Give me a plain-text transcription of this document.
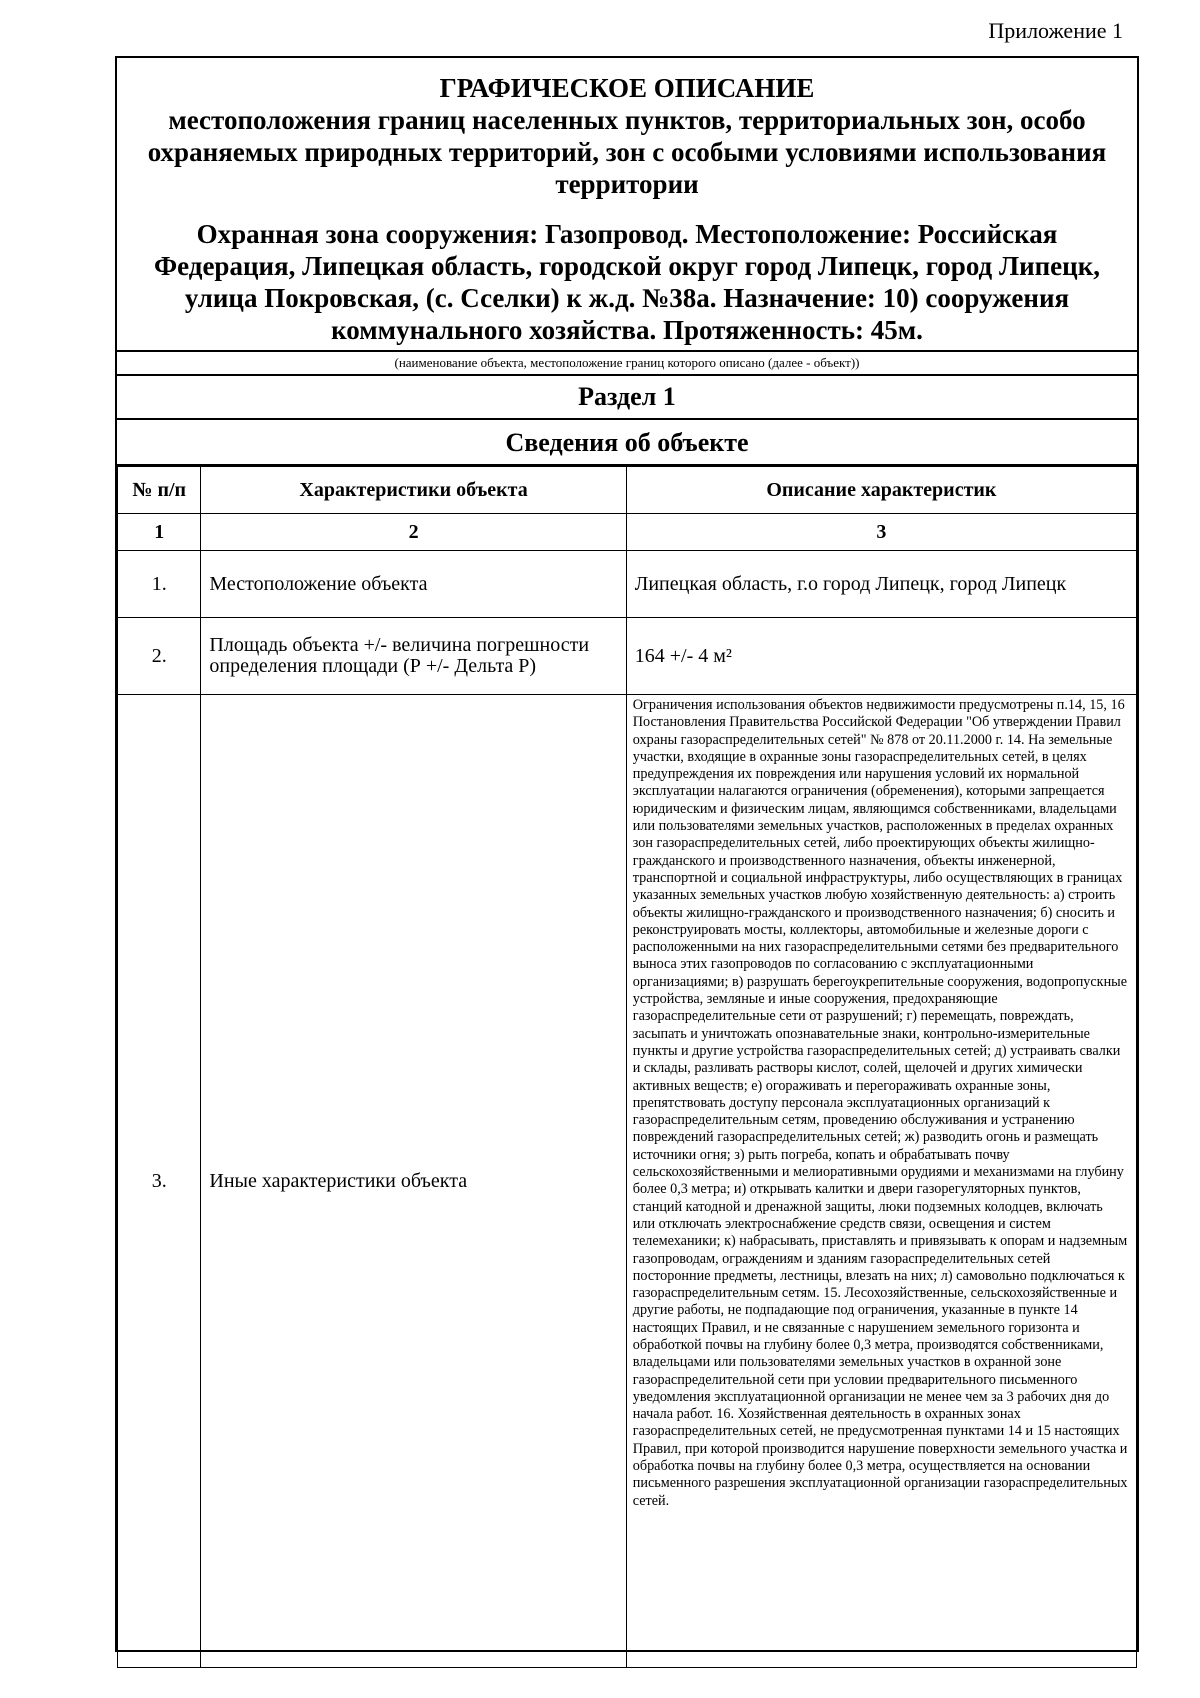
Приложение 1
ГРАФИЧЕСКОЕ ОПИСАНИЕ
местоположения границ населенных пунктов, территориальных зон, особо охраняемых природных территорий, зон с особыми условиями использования территории
Охранная зона сооружения: Газопровод. Местоположение: Российская Федерация, Липецкая область, городской округ город Липецк, город Липецк, улица Покровская, (с. Сселки) к ж.д. №38а. Назначение: 10) сооружения коммунального хозяйства. Протяженность: 45м.
(наименование объекта, местоположение границ которого описано (далее - объект))
Раздел 1
Сведения об объекте
№ п/п	Характеристики объекта	Описание характеристик
1	2	3
1.	Местоположение объекта	Липецкая область, г.о город Липецк, город Липецк
2.	Площадь объекта +/- величина погрешности определения площади (Р +/- Дельта Р)	164 +/- 4 м²
3.	Иные характеристики объекта	Ограничения использования объектов недвижимости предусмотрены п.14, 15, 16 Постановления Правительства Российской Федерации "Об утверждении Правил охраны газораспределительных сетей" № 878 от 20.11.2000 г. 14. На земельные участки, входящие в охранные зоны газораспределительных сетей, в целях предупреждения их повреждения или нарушения условий их нормальной эксплуатации налагаются ограничения (обременения), которыми запрещается юридическим и физическим лицам, являющимся собственниками, владельцами или пользователями земельных участков, расположенных в пределах охранных зон газораспределительных сетей, либо проектирующих объекты жилищно-гражданского и производственного назначения, объекты инженерной, транспортной и социальной инфраструктуры, либо осуществляющих в границах указанных земельных участков любую хозяйственную деятельность: а) строить объекты жилищно-гражданского и производственного назначения; б) сносить и реконструировать мосты, коллекторы, автомобильные и железные дороги с расположенными на них газораспределительными сетями без предварительного выноса этих газопроводов по согласованию с эксплуатационными организациями; в) разрушать берегоукрепительные сооружения, водопропускные устройства, земляные и иные сооружения, предохраняющие газораспределительные сети от разрушений; г) перемещать, повреждать, засыпать и уничтожать опознавательные знаки, контрольно-измерительные пункты и другие устройства газораспределительных сетей; д) устраивать свалки и склады, разливать растворы кислот, солей, щелочей и других химически активных веществ; е) огораживать и перегораживать охранные зоны, препятствовать доступу персонала эксплуатационных организаций к газораспределительным сетям, проведению обслуживания и устранению повреждений газораспределительных сетей; ж) разводить огонь и размещать источники огня; з) рыть погреба, копать и обрабатывать почву сельскохозяйственными и мелиоративными орудиями и механизмами на глубину более 0,3 метра; и) открывать калитки и двери газорегуляторных пунктов, станций катодной и дренажной защиты, люки подземных колодцев, включать или отключать электроснабжение средств связи, освещения и систем телемеханики; к) набрасывать, приставлять и привязывать к опорам и надземным газопроводам, ограждениям и зданиям газораспределительных сетей посторонние предметы, лестницы, влезать на них; л) самовольно подключаться к газораспределительным сетям. 15. Лесохозяйственные, сельскохозяйственные и другие работы, не подпадающие под ограничения, указанные в пункте 14 настоящих Правил, и не связанные с нарушением земельного горизонта и обработкой почвы на глубину более 0,3 метра, производятся собственниками, владельцами или пользователями земельных участков в охранной зоне газораспределительной сети при условии предварительного письменного уведомления эксплуатационной организации не менее чем за 3 рабочих дня до начала работ. 16. Хозяйственная деятельность в охранных зонах газораспределительных сетей, не предусмотренная пунктами 14 и 15 настоящих Правил, при которой производится нарушение поверхности земельного участка и обработка почвы на глубину более 0,3 метра, осуществляется на основании письменного разрешения эксплуатационной организации газораспределительных сетей.
